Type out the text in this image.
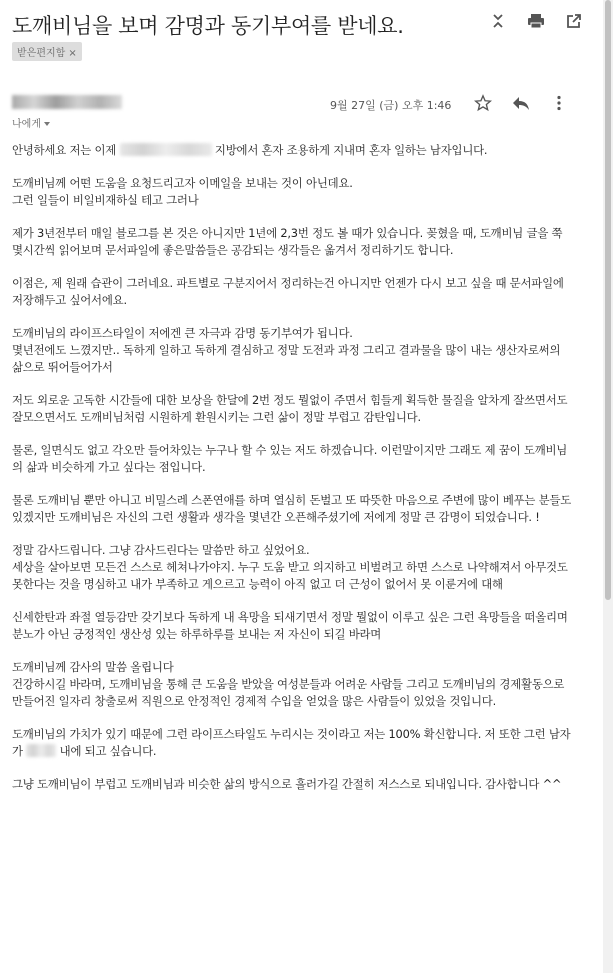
도깨비님을 보며 감명과 동기부여를 받네요.
받은편지함 ×
나에게
9월 27일 (금) 오후 1:46

안녕하세요 저는 이제	지방에서 혼자 조용하게 지내며 혼자 일하는 남자입니다.

도깨비님께 어떤 도움을 요청드리고자 이메일을 보내는 것이 아닌데요.
그런 일들이 비일비재하실 테고 그러나

제가 3년전부터 매일 블로그를 본 것은 아니지만 1년에 2,3번 정도 볼 때가 있습니다. 꽂혔을 때, 도깨비님 글을 쭉 몇시간씩 읽어보며 문서파일에 좋은말씀들은 공감되는 생각들은 옮겨서 정리하기도 합니다.

이점은, 제 원래 습관이 그러네요. 파트별로 구분지어서 정리하는건 아니지만 언젠가 다시 보고 싶을 때 문서파일에 저장해두고 싶어서에요.

도깨비님의 라이프스타일이 저에겐 큰 자극과 감명 동기부여가 됩니다.
몇년전에도 느꼈지만.. 독하게 일하고 독하게 결심하고 정말 도전과 과정 그리고 결과물을 많이 내는 생산자로써의 삶으로 뛰어들어가서

저도 외로운 고독한 시간들에 대한 보상을 한달에 2번 정도 뭘없이 주면서 힘들게 획득한 물질을 알차게 잘쓰면서도 잘모으면서도 도깨비님처럼 시원하게 환원시키는 그런 삶이 정말 부럽고 감탄입니다.

물론, 일면식도 없고 각오만 들어차있는 누구나 할 수 있는 저도 하겠습니다. 이런말이지만 그래도 제 꿈이 도깨비님의 삶과 비슷하게 가고 싶다는 점입니다.

물론 도깨비님 뿐만 아니고 비밀스레 스폰연애를 하며 열심히 돈벌고 또 따뜻한 마음으로 주변에 많이 베푸는 분들도 있겠지만 도깨비님은 자신의 그런 생활과 생각을 몇년간 오픈해주셨기에 저에게 정말 큰 감명이 되었습니다. !

정말 감사드립니다. 그냥 감사드린다는 말씀만 하고 싶었어요.
세상을 살아보면 모든건 스스로 헤쳐나가야지. 누구 도움 받고 의지하고 비벌려고 하면 스스로 나약해져서 아무것도 못한다는 것을 명심하고 내가 부족하고 게으르고 능력이 아직 없고 더 근성이 없어서 못 이룬거에 대해

신세한탄과 좌절 열등감만 갖기보다 독하게 내 욕망을 되새기면서 정말 뭘없이 이루고 싶은 그런 욕망들을 떠올리며 분노가 아닌 긍정적인 생산성 있는 하루하루를 보내는 저 자신이 되길 바라며

도깨비님께 감사의 말씀 올립니다
건강하시길 바라며, 도깨비님을 통해 큰 도움을 받았을 여성분들과 어려운 사람들 그리고 도깨비님의 경제활동으로 만들어진 일자리 창출로써 직원으로 안정적인 경제적 수입을 얻었을 많은 사람들이 있었을 것입니다.

도깨비님의 가치가 있기 때문에 그런 라이프스타일도 누리시는 것이라고 저는 100% 확신합니다. 저 또한 그런 남자가	내에 되고 싶습니다.

그냥 도깨비님이 부럽고 도깨비님과 비슷한 삶의 방식으로 흘러가길 간절히 저스스로 되내입니다. 감사합니다 ^^
